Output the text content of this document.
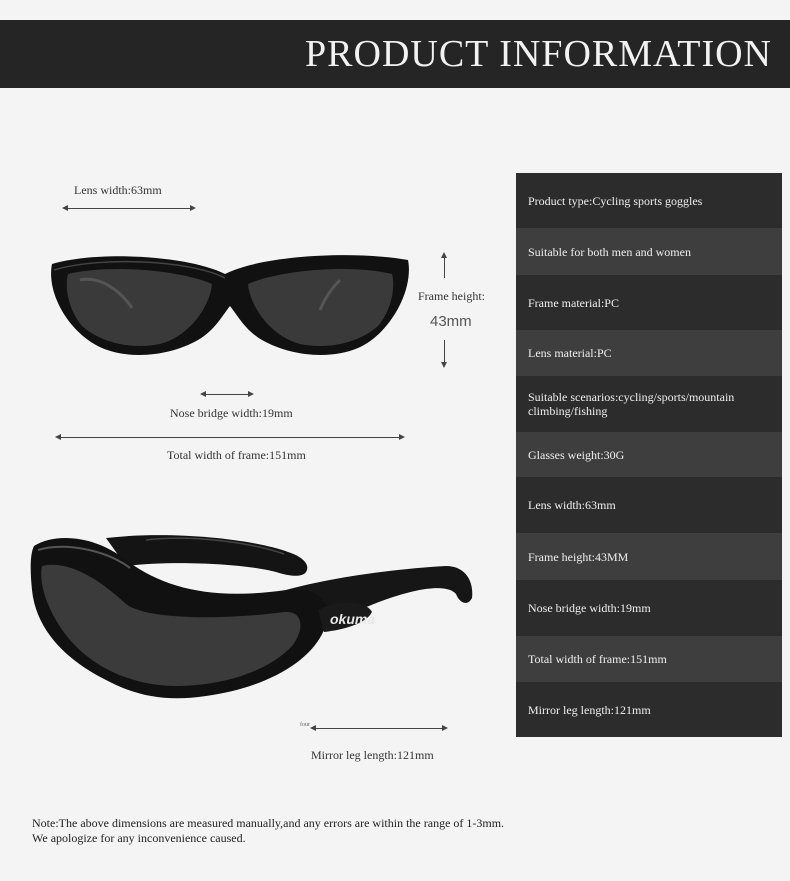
PRODUCT INFORMATION
Lens width:63mm
Frame height:
43mm
Nose bridge width:19mm
Total width of frame:151mm
okuma
four
Mirror leg length:121mm
Product type:Cycling sports goggles
Suitable for both men and women
Frame material:PC
Lens material:PC
Suitable scenarios:cycling/sports/mountain climbing/fishing
Glasses weight:30G
Lens width:63mm
Frame height:43MM
Nose bridge width:19mm
Total width of frame:151mm
Mirror leg length:121mm
Note:The above dimensions are measured manually,and any errors are within the range of 1-3mm. We apologize for any inconvenience caused.
